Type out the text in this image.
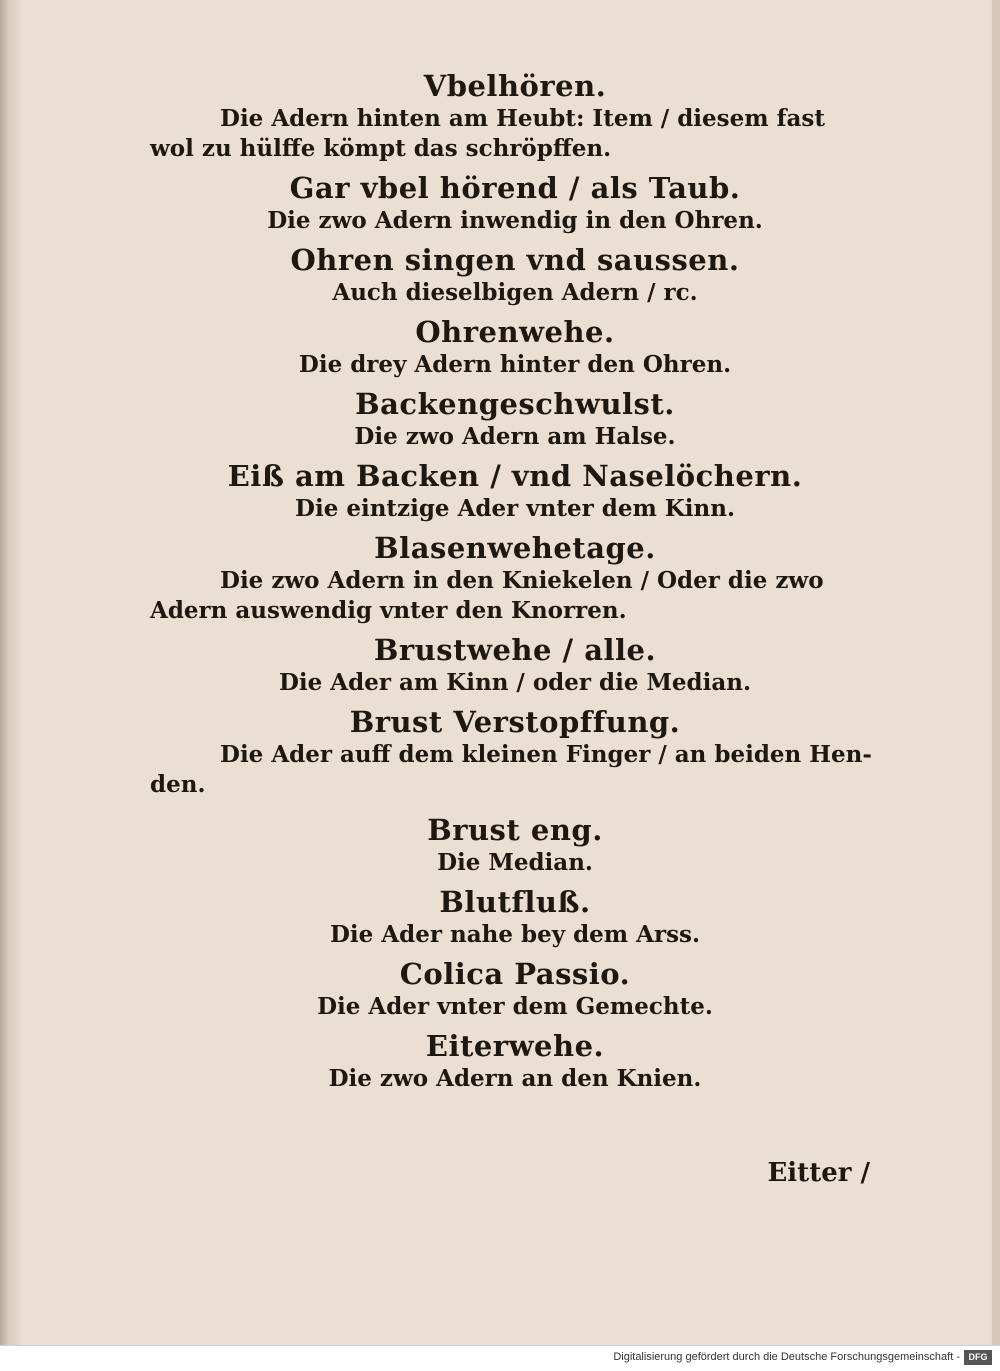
Vbelhören.

Die Adern hinten am Heubt: Item / diesem fast

wol zu hülffe kömpt das schröpffen.

Gar vbel hörend / als Taub.

Die zwo Adern inwendig in den Ohren.

Ohren singen vnd saussen.

Auch dieselbigen Adern / rc.

Ohrenwehe.

Die drey Adern hinter den Ohren.

Backengeschwulst.

Die zwo Adern am Halse.

Eiß am Backen / vnd Naselöchern.

Die eintzige Ader vnter dem Kinn.

Blasenwehetage.

Die zwo Adern in den Kniekelen / Oder die zwo

Adern auswendig vnter den Knorren.

Brustwehe / alle.

Die Ader am Kinn / oder die Median.

Brust Verstopffung.

Die Ader auff dem kleinen Finger / an beiden Hen-

den.

Brust eng.

Die Median.

Blutfluß.

Die Ader nahe bey dem Arss.

Colica Passio.

Die Ader vnter dem Gemechte.

Eiterwehe.

Die zwo Adern an den Knien.

Eitter /
Digitalisierung gefördert durch die Deutsche Forschungsgemeinschaft - DFG
